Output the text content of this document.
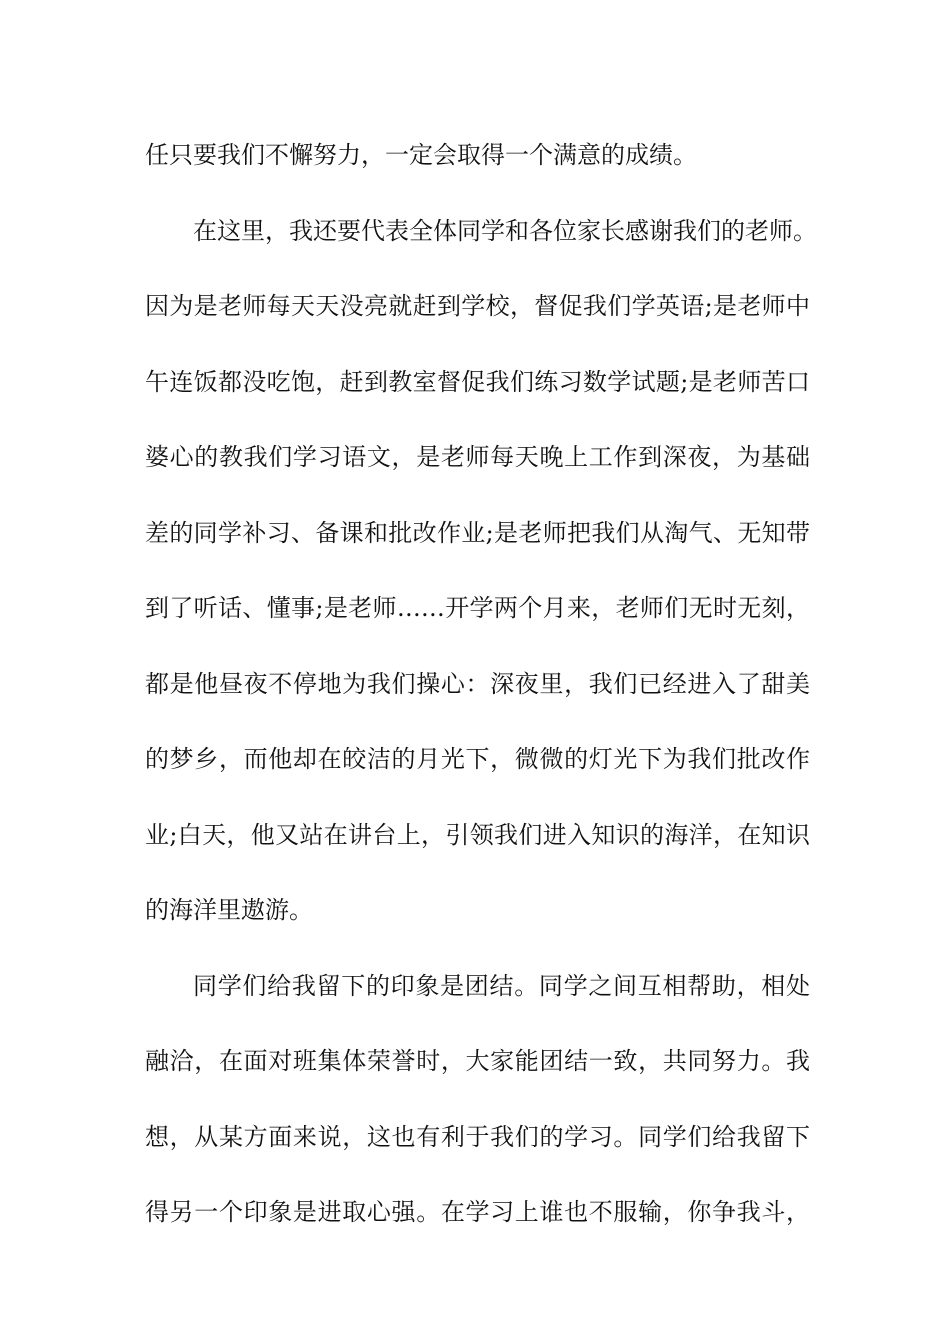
任只要我们不懈努力，一定会取得一个满意的成绩。
在这里，我还要代表全体同学和各位家长感谢我们的老师。
因为是老师每天天没亮就赶到学校，督促我们学英语;是老师中
午连饭都没吃饱，赶到教室督促我们练习数学试题;是老师苦口
婆心的教我们学习语文，是老师每天晚上工作到深夜，为基础
差的同学补习、备课和批改作业;是老师把我们从淘气、无知带
到了听话、懂事;是老师……开学两个月来，老师们无时无刻，
都是他昼夜不停地为我们操心：深夜里，我们已经进入了甜美
的梦乡，而他却在皎洁的月光下，微微的灯光下为我们批改作
业;白天，他又站在讲台上，引领我们进入知识的海洋，在知识
的海洋里遨游。
同学们给我留下的印象是团结。同学之间互相帮助，相处
融洽，在面对班集体荣誉时，大家能团结一致，共同努力。我
想，从某方面来说，这也有利于我们的学习。同学们给我留下
得另一个印象是进取心强。在学习上谁也不服输，你争我斗，
